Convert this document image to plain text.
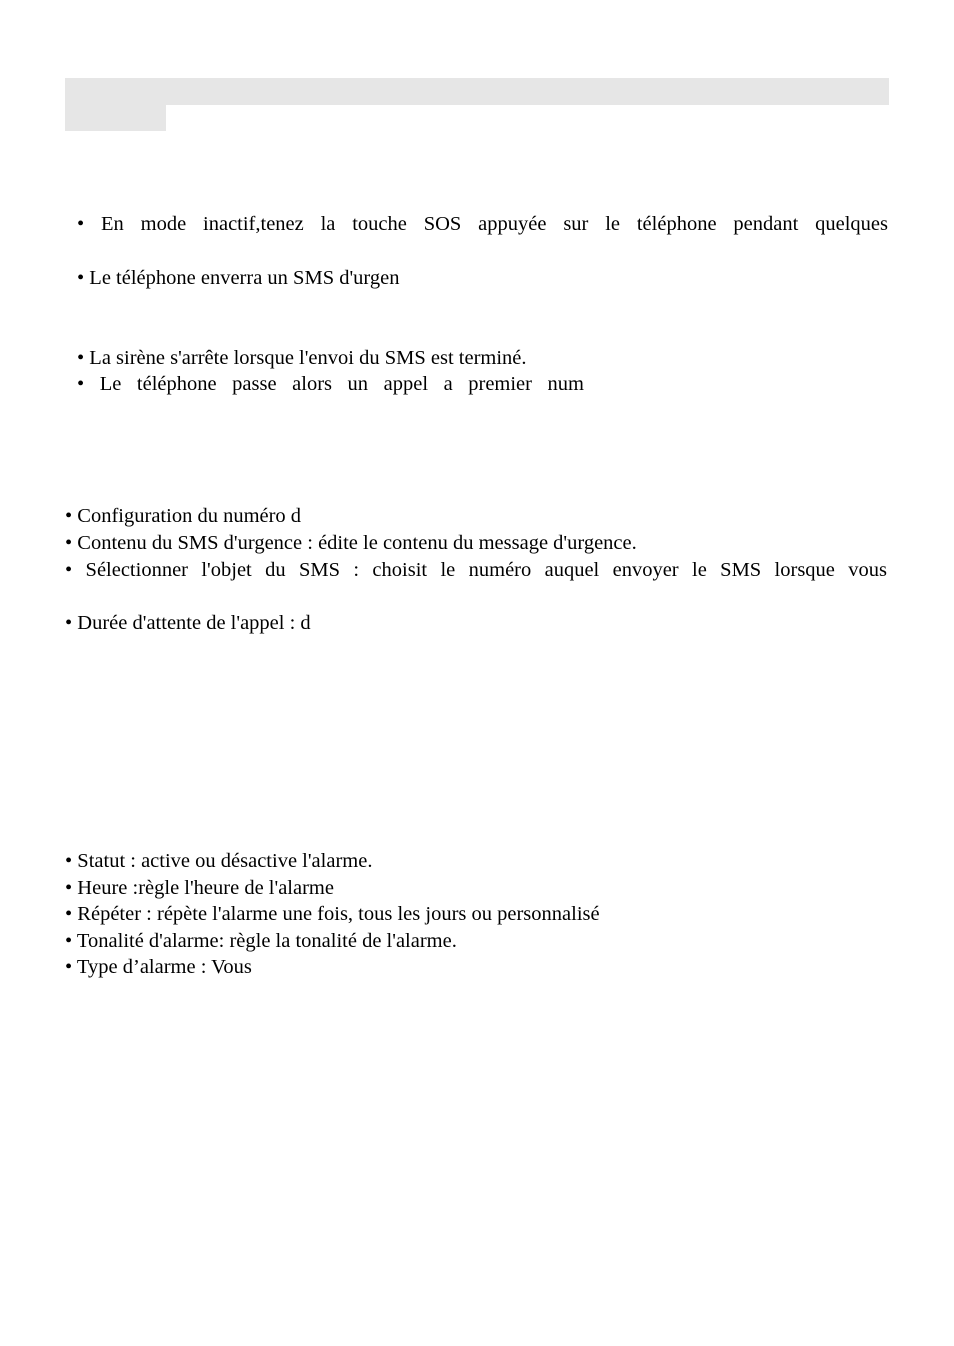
• En mode inactif,tenez la touche SOS appuyée sur le téléphone pendant quelques
• Le téléphone enverra un SMS d'urgen
• La sirène s'arrête lorsque l'envoi du SMS est terminé.
• Le téléphone passe alors un appel a premier num
• Configuration du numéro d
• Contenu du SMS d'urgence : édite le contenu du message d'urgence.
• Sélectionner l'objet du SMS : choisit le numéro auquel envoyer le SMS lorsque vous
• Durée d'attente de l'appel : d
• Statut : active ou désactive l'alarme.
• Heure :règle l'heure de l'alarme
• Répéter : répète l'alarme une fois, tous les jours ou personnalisé
• Tonalité d'alarme: règle la tonalité de l'alarme.
• Type d’alarme : Vous
